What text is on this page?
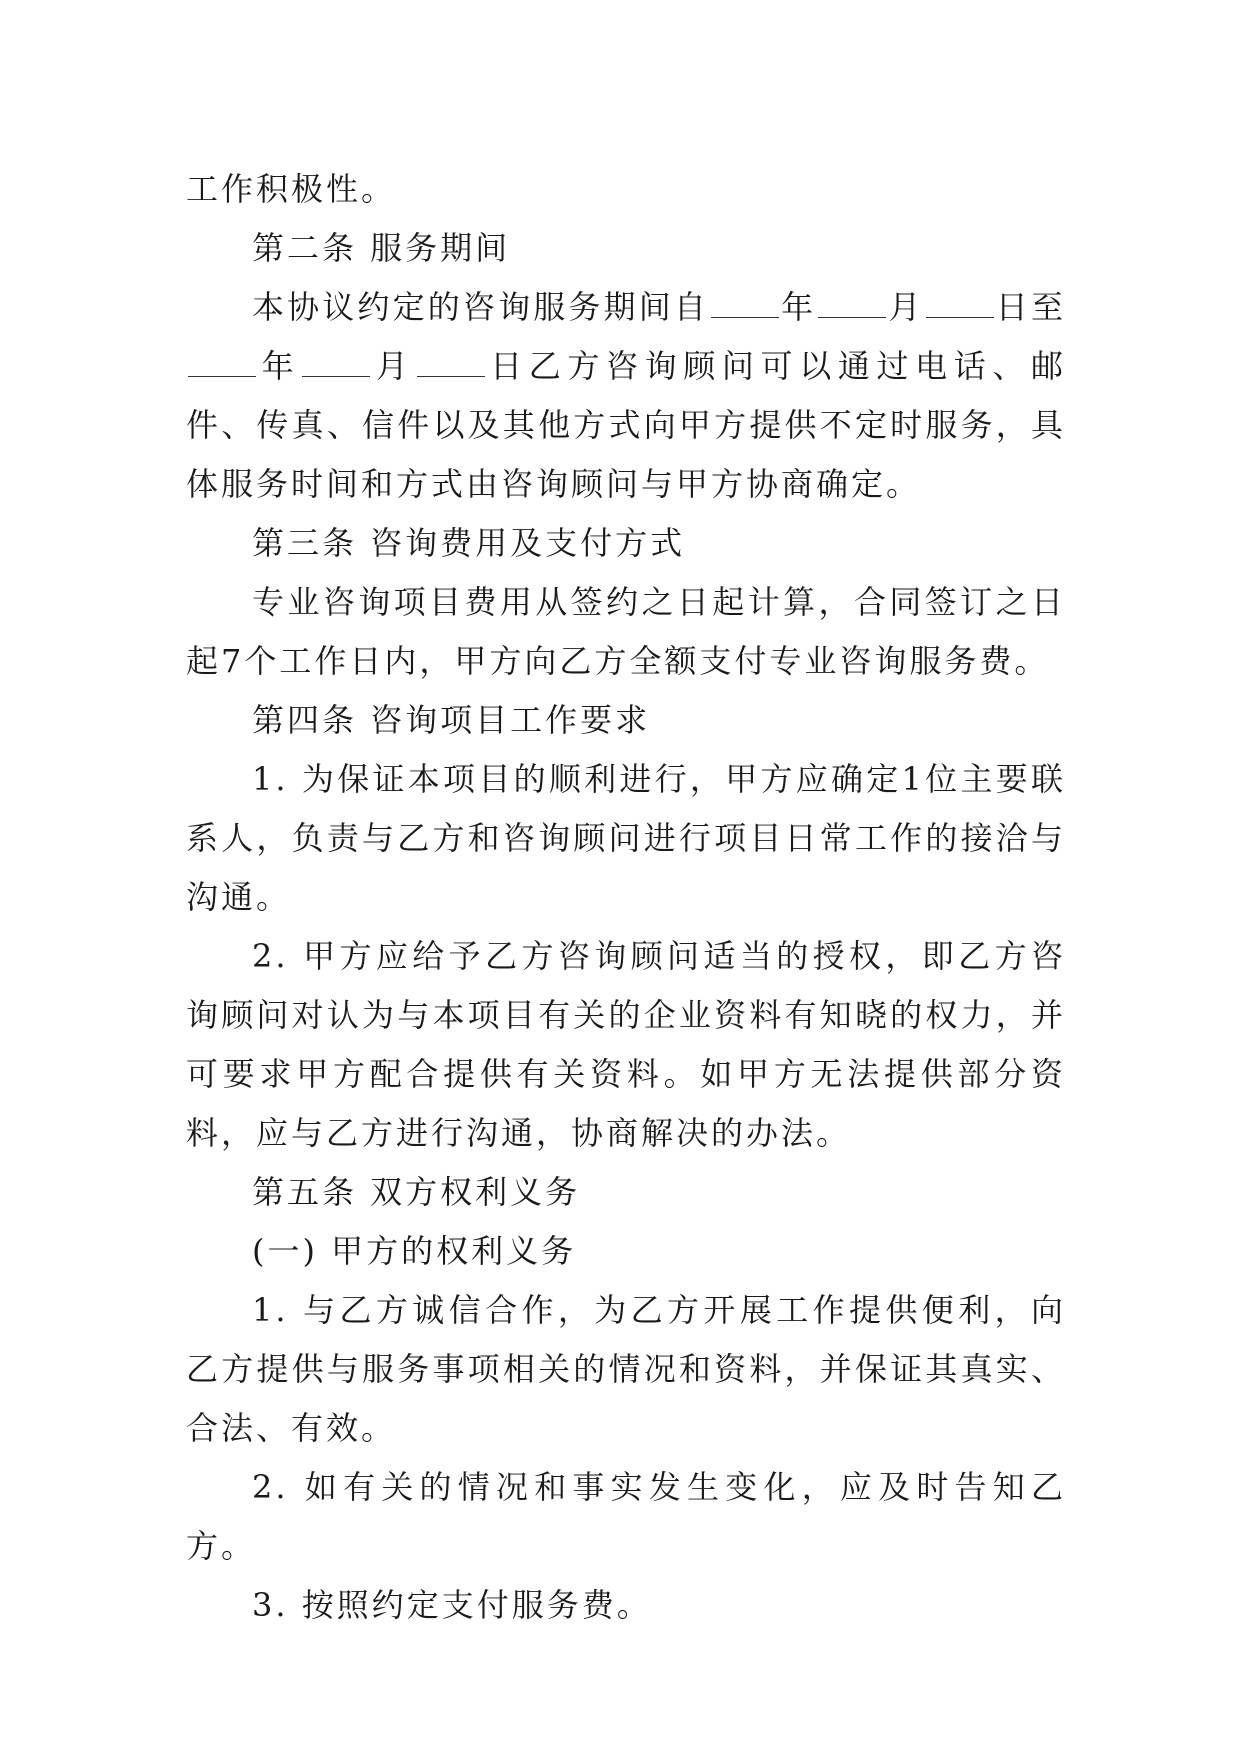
工作积极性。

第二条 服务期间

本协议约定的咨询服务期间自 年 月 日至年 月 日乙方咨询顾问可以通过电话、邮件、传真、信件以及其他方式向甲方提供不定时服务，具体服务时间和方式由咨询顾问与甲方协商确定。

第三条 咨询费用及支付方式

专业咨询项目费用从签约之日起计算，合同签订之日起7个工作日内，甲方向乙方全额支付专业咨询服务费。

第四条 咨询项目工作要求

1. 为保证本项目的顺利进行，甲方应确定1位主要联系人，负责与乙方和咨询顾问进行项目日常工作的接洽与沟通。

2. 甲方应给予乙方咨询顾问适当的授权，即乙方咨询顾问对认为与本项目有关的企业资料有知晓的权力，并可要求甲方配合提供有关资料。如甲方无法提供部分资料，应与乙方进行沟通，协商解决的办法。

第五条 双方权利义务

(一) 甲方的权利义务

1. 与乙方诚信合作，为乙方开展工作提供便利，向乙方提供与服务事项相关的情况和资料，并保证其真实、合法、有效。

2. 如有关的情况和事实发生变化，应及时告知乙方。

3. 按照约定支付服务费。
